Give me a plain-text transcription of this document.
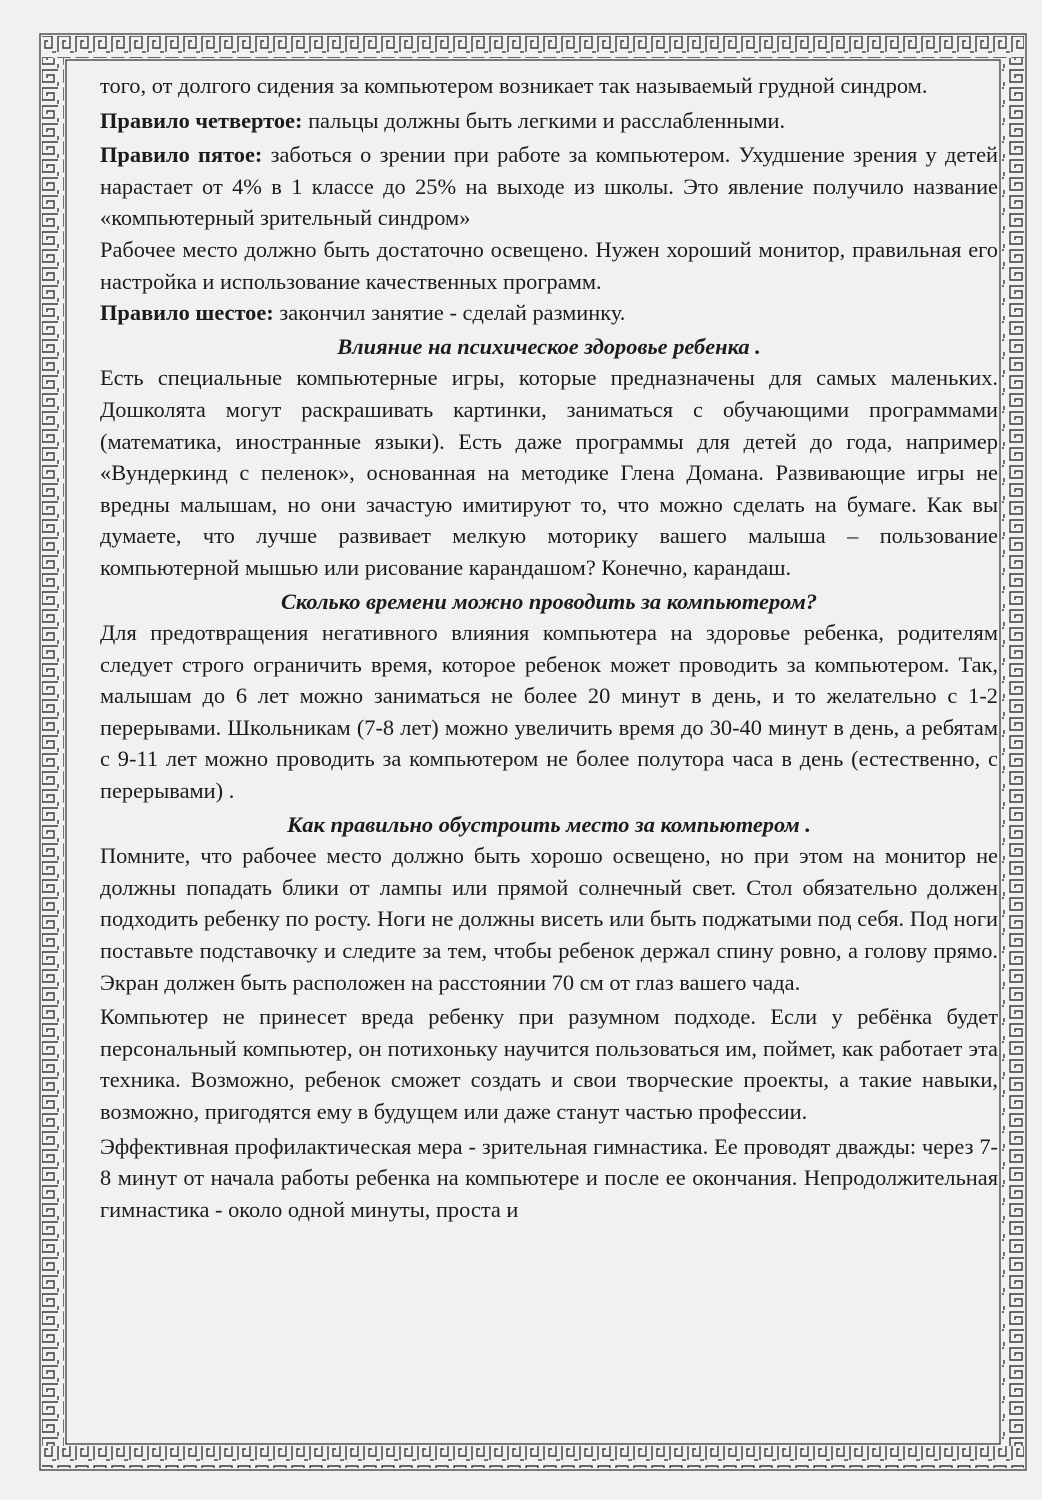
того, от долгого сидения за компьютером возникает так называемый грудной синдром.

Правило четвертое: пальцы должны быть легкими и расслабленными.

Правило пятое: заботься о зрении при работе за компьютером. Ухудшение зрения у детей нарастает от 4% в 1 классе до 25% на выходе из школы. Это явление получило название «компьютерный зрительный синдром»

Рабочее место должно быть достаточно освещено. Нужен хороший монитор, правильная его настройка и использование качественных программ.

Правило шестое: закончил занятие - сделай разминку.

Влияние на психическое здоровье ребенка .

Есть специальные компьютерные игры, которые предназначены для самых маленьких. Дошколята могут раскрашивать картинки, заниматься с обучающими программами (математика, иностранные языки). Есть даже программы для детей до года, например «Вундеркинд с пеленок», основанная на методике Глена Домана. Развивающие игры не вредны малышам, но они зачастую имитируют то, что можно сделать на бумаге. Как вы думаете, что лучше развивает мелкую моторику вашего малыша – пользование компьютерной мышью или рисование карандашом? Конечно, карандаш.

Сколько времени можно проводить за компьютером?

Для предотвращения негативного влияния компьютера на здоровье ребенка, родителям следует строго ограничить время, которое ребенок может проводить за компьютером. Так, малышам до 6 лет можно заниматься не более 20 минут в день, и то желательно с 1-2 перерывами. Школьникам (7-8 лет) можно увеличить время до 30-40 минут в день, а ребятам с 9-11 лет можно проводить за компьютером не более полутора часа в день (естественно, с перерывами) .

Как правильно обустроить место за компьютером .

Помните, что рабочее место должно быть хорошо освещено, но при этом на монитор не должны попадать блики от лампы или прямой солнечный свет. Стол обязательно должен подходить ребенку по росту. Ноги не должны висеть или быть поджатыми под себя. Под ноги поставьте подставочку и следите за тем, чтобы ребенок держал спину ровно, а голову прямо. Экран должен быть расположен на расстоянии 70 см от глаз вашего чада.

Компьютер не принесет вреда ребенку при разумном подходе. Если у ребёнка будет персональный компьютер, он потихоньку научится пользоваться им, поймет, как работает эта техника. Возможно, ребенок сможет создать и свои творческие проекты, а такие навыки, возможно, пригодятся ему в будущем или даже станут частью профессии.

Эффективная профилактическая мера - зрительная гимнастика. Ее проводят дважды: через 7-8 минут от начала работы ребенка на компьютере и после ее окончания. Непродолжительная гимнастика - около одной минуты, проста и
